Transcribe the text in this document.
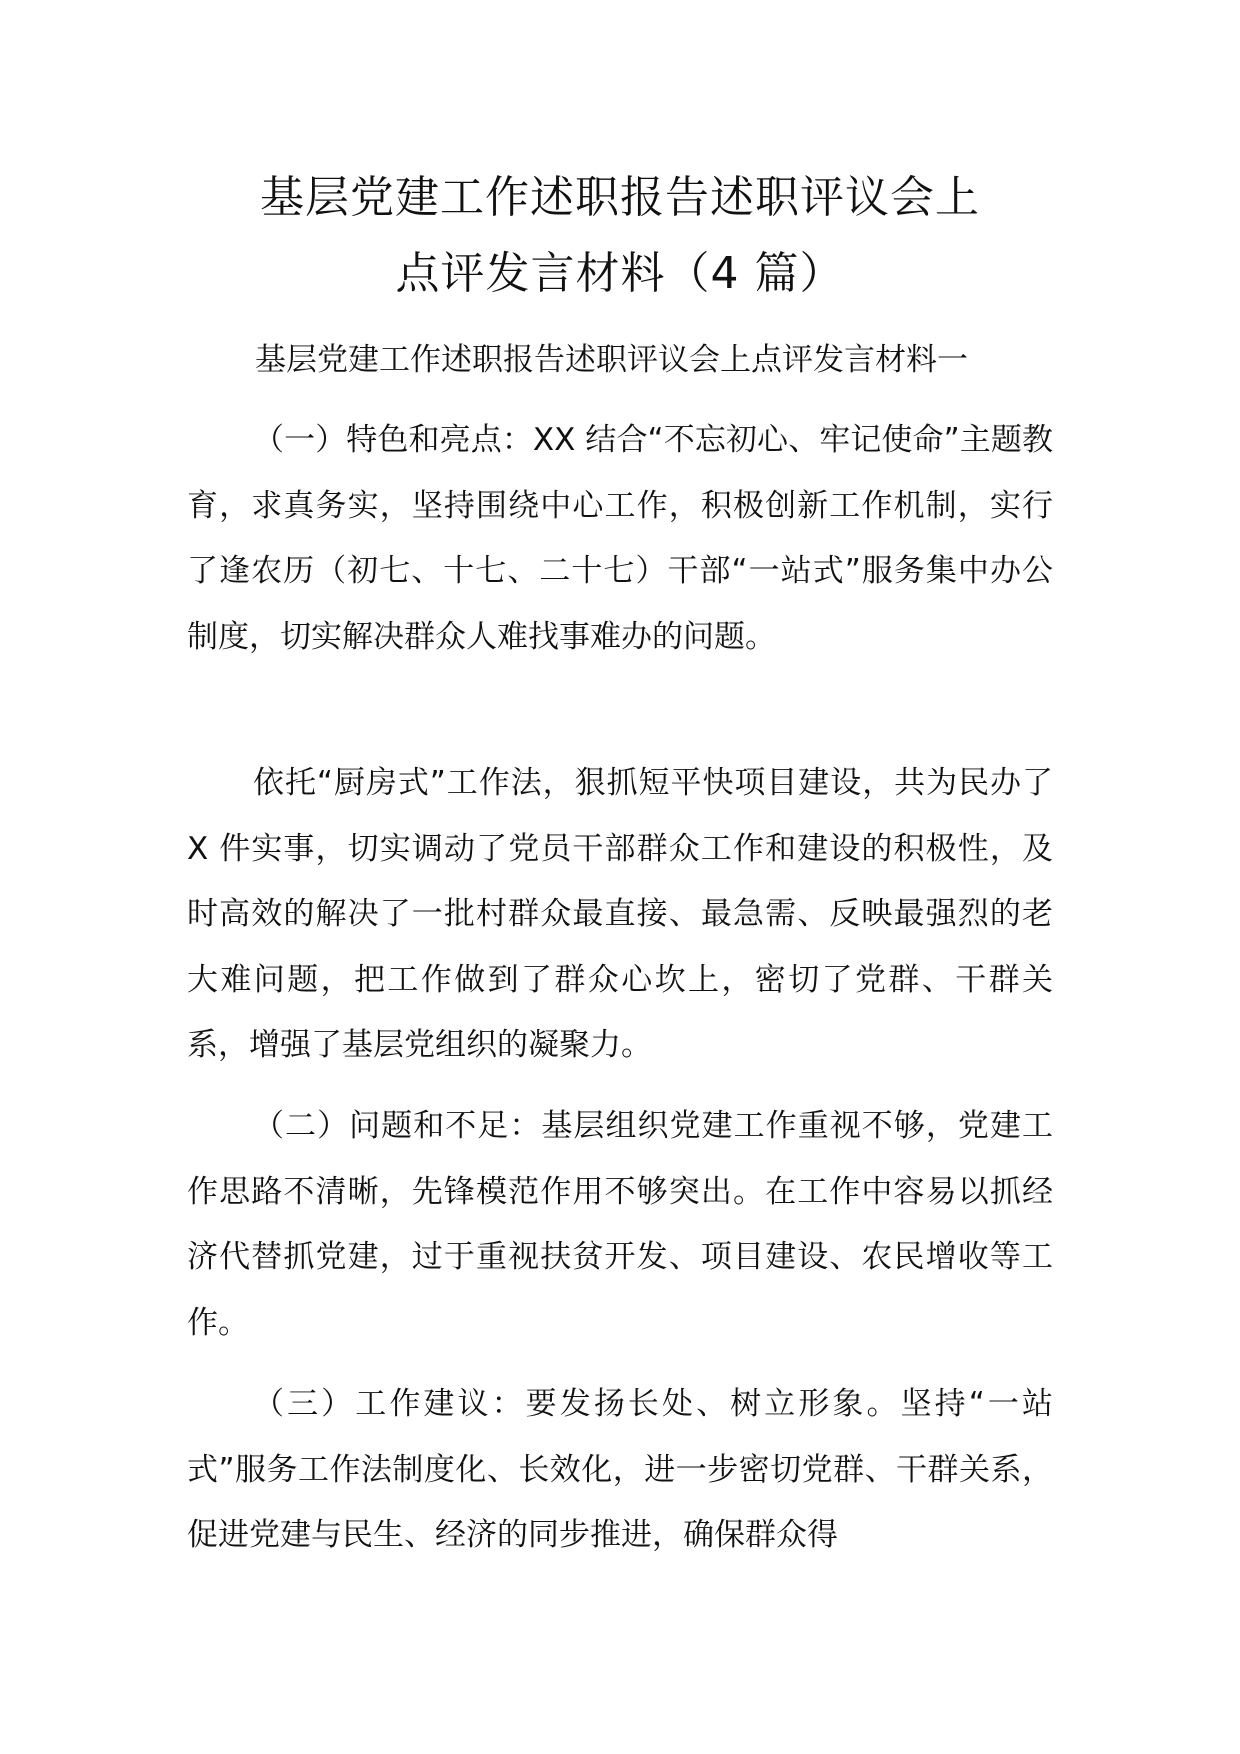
基层党建工作述职报告述职评议会上
点评发言材料（4 篇）

基层党建工作述职报告述职评议会上点评发言材料一

（一）特色和亮点：XX 结合“不忘初心、牢记使命”主题教育，求真务实，坚持围绕中心工作，积极创新工作机制，实行了逢农历（初七、十七、二十七）干部“一站式”服务集中办公制度，切实解决群众人难找事难办的问题。

依托“厨房式”工作法，狠抓短平快项目建设，共为民办了 X 件实事，切实调动了党员干部群众工作和建设的积极性，及时高效的解决了一批村群众最直接、最急需、反映最强烈的老大难问题，把工作做到了群众心坎上，密切了党群、干群关系，增强了基层党组织的凝聚力。

（二）问题和不足：基层组织党建工作重视不够，党建工作思路不清晰，先锋模范作用不够突出。在工作中容易以抓经济代替抓党建，过于重视扶贫开发、项目建设、农民增收等工作。

（三）工作建议：要发扬长处、树立形象。坚持“一站式”服务工作法制度化、长效化，进一步密切党群、干群关系，促进党建与民生、经济的同步推进，确保群众得
